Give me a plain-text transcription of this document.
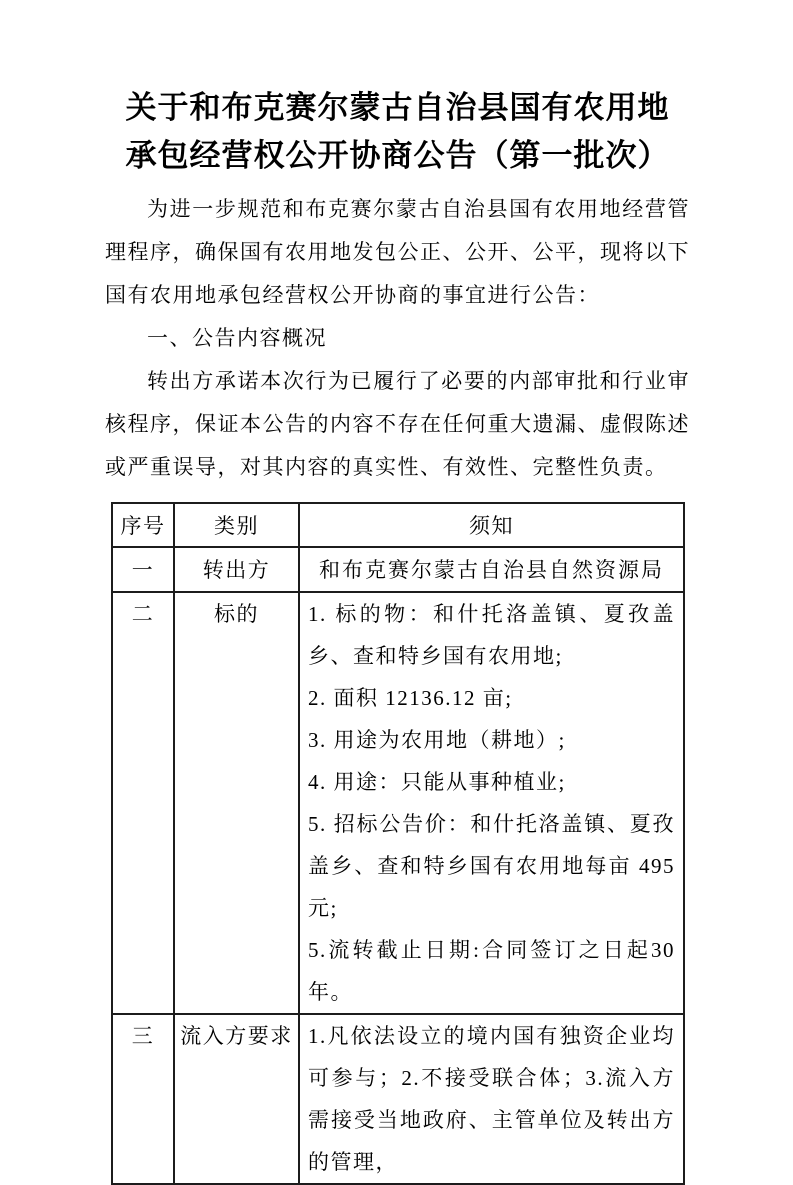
关于和布克赛尔蒙古自治县国有农用地
承包经营权公开协商公告（第一批次）

为进一步规范和布克赛尔蒙古自治县国有农用地经营管理程序，确保国有农用地发包公正、公开、公平，现将以下国有农用地承包经营权公开协商的事宜进行公告：

一、公告内容概况

转出方承诺本次行为已履行了必要的内部审批和行业审核程序，保证本公告的内容不存在任何重大遗漏、虚假陈述或严重误导，对其内容的真实性、有效性、完整性负责。

序号	类别	须知
一	转出方	和布克赛尔蒙古自治县自然资源局

二	标的	1. 标的物：和什托洛盖镇、夏孜盖乡、查和特乡国有农用地;
2. 面积 12136.12 亩;
3. 用途为农用地（耕地）;
4. 用途：只能从事种植业;
5. 招标公告价：和什托洛盖镇、夏孜盖乡、查和特乡国有农用地每亩 495 元;
5.流转截止日期:合同签订之日起30年。

三	流入方要求	1.凡依法设立的境内国有独资企业均可参与；2.不接受联合体；3.流入方需接受当地政府、主管单位及转出方的管理，
